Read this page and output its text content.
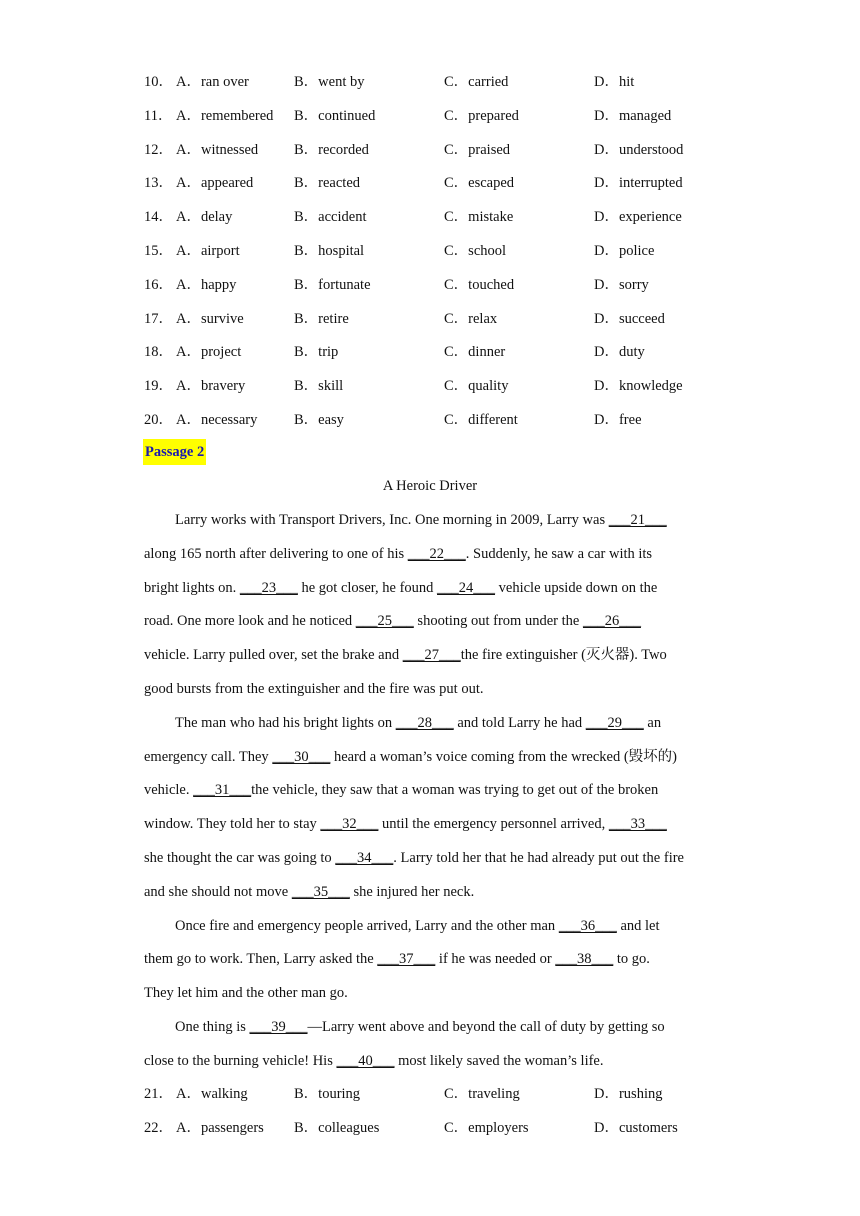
10． A．ran over	B．went by	C．carried	D．hit
11． A．remembered B．continued	C．prepared	D．managed
12． A．witnessed B．recorded	C．praised	D．understood
13． A．appeared	B．reacted	C．escaped	D．interrupted
14． A．delay	B．accident	C．mistake	D．experience
15． A．airport	B．hospital	C．school	D．police
16． A．happy	B．fortunate	C．touched	D．sorry
17． A．survive	B．retire	C．relax	D．succeed
18． A．project	B．trip	C．dinner	D．duty
19． A．bravery	B．skill	C．quality	D．knowledge
20． A．necessary	B．easy	C．different	D．free
Passage 2
A Heroic Driver
Larry works with Transport Drivers, Inc. One morning in 2009, Larry was ___21___
along 165 north after delivering to one of his ___22___. Suddenly, he saw a car with its
bright lights on. ___23___ he got closer, he found ___24___ vehicle upside down on the
road. One more look and he noticed ___25___ shooting out from under the ___26___
vehicle. Larry pulled over, set the brake and ___27___the fire extinguisher (灭火器). Two
good bursts from the extinguisher and the fire was put out.
The man who had his bright lights on ___28___ and told Larry he had ___29___ an
emergency call. They ___30___ heard a woman’s voice coming from the wrecked (毁坏的)
vehicle. ___31___the vehicle, they saw that a woman was trying to get out of the broken
window. They told her to stay ___32___ until the emergency personnel arrived, ___33___
she thought the car was going to ___34___. Larry told her that he had already put out the fire
and she should not move ___35___ she injured her neck.
Once fire and emergency people arrived, Larry and the other man ___36___ and let
them go to work. Then, Larry asked the ___37___ if he was needed or ___38___ to go.
They let him and the other man go.
One thing is ___39___—Larry went above and beyond the call of duty by getting so
close to the burning vehicle! His ___40___ most likely saved the woman’s life.
21． A．walking	B．touring	C．traveling	D．rushing
22． A．passengers B．colleagues	C．employers	D．customers
